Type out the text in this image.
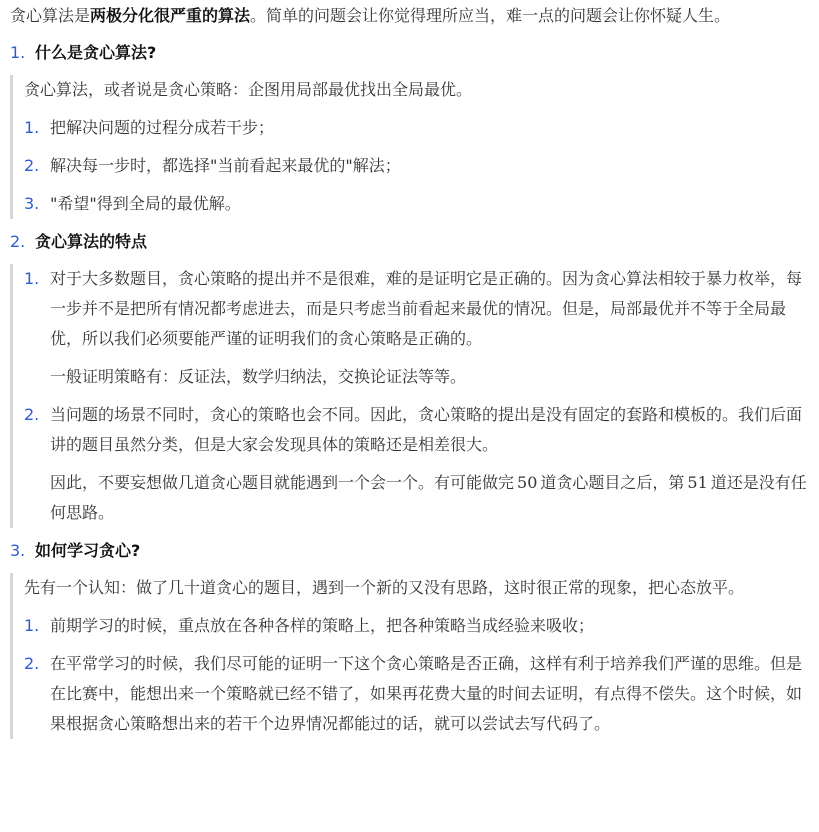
贪心算法是两极分化很严重的算法。简单的问题会让你觉得理所应当，难一点的问题会让你怀疑人生。

1. 什么是贪心算法?

贪心算法，或者说是贪心策略：企图用局部最优找出全局最优。

1. 把解决问题的过程分成若干步；

2. 解决每一步时，都选择"当前看起来最优的"解法；

3. "希望"得到全局的最优解。

2. 贪心算法的特点
1. 对于大多数题目，贪心策略的提出并不是很难，难的是证明它是正确的。因为贪心算法相较于暴力枚举，每一步并不是把所有情况都考虑进去，而是只考虑当前看起来最优的情况。但是，局部最优并不等于全局最优，所以我们必须要能严谨的证明我们的贪心策略是正确的。

一般证明策略有：反证法，数学归纳法，交换论证法等等。

2. 当问题的场景不同时，贪心的策略也会不同。因此，贪心策略的提出是没有固定的套路和模板的。我们后面讲的题目虽然分类，但是大家会发现具体的策略还是相差很大。

因此，不要妄想做几道贪心题目就能遇到一个会一个。有可能做完 50 道贪心题目之后，第 51 道还是没有任何思路。

3. 如何学习贪心?

先有一个认知：做了几十道贪心的题目，遇到一个新的又没有思路，这时很正常的现象，把心态放平。

1. 前期学习的时候，重点放在各种各样的策略上，把各种策略当成经验来吸收；

2. 在平常学习的时候，我们尽可能的证明一下这个贪心策略是否正确，这样有利于培养我们严谨的思维。但是在比赛中，能想出来一个策略就已经不错了，如果再花费大量的时间去证明，有点得不偿失。这个时候，如果根据贪心策略想出来的若干个边界情况都能过的话，就可以尝试去写代码了。
